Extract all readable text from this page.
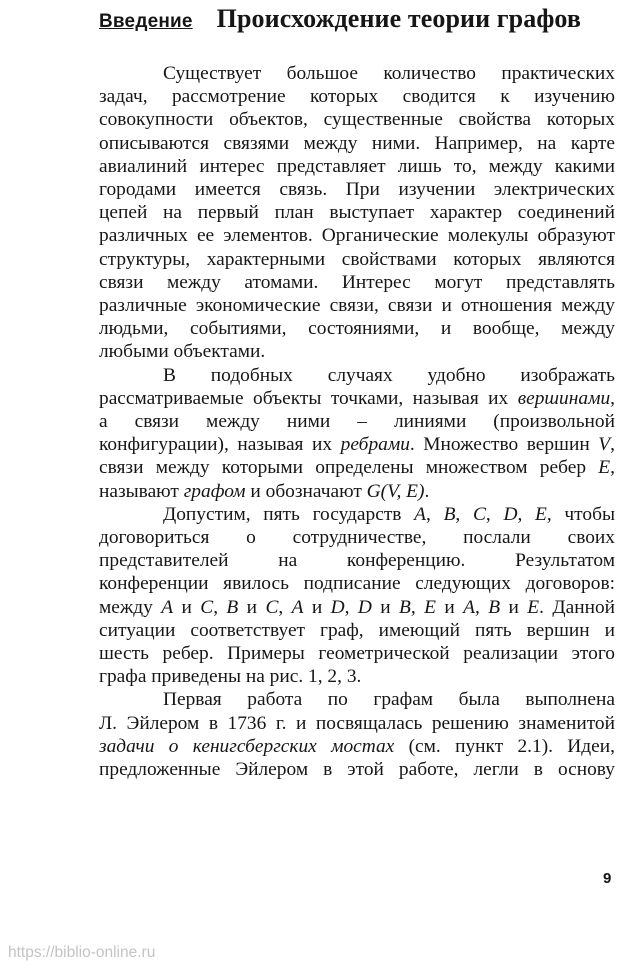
Введение Происхождение теории графов

Существует большое количество практических
задач, рассмотрение которых сводится к изучению
совокупности объектов, существенные свойства которых
описываются связями между ними. Например, на карте
авиалиний интерес представляет лишь то, между какими
городами имеется связь. При изучении электрических
цепей на первый план выступает характер соединений
различных ее элементов. Органические молекулы образуют
структуры, характерными свойствами которых являются
связи между атомами. Интерес могут представлять
различные экономические связи, связи и отношения между
людьми, событиями, состояниями, и вообще, между
любыми объектами.

В подобных случаях удобно изображать
рассматриваемые объекты точками, называя их вершинами,
а связи между ними – линиями (произвольной
конфигурации), называя их ребрами. Множество вершин V,
связи между которыми определены множеством ребер E,
называют графом и обозначают G(V, E).

Допустим, пять государств A, B, C, D, E, чтобы
договориться о сотрудничестве, послали своих
представителей на конференцию. Результатом
конференции явилось подписание следующих договоров:
между A и C, B и C, A и D, D и B, E и A, B и E. Данной
ситуации соответствует граф, имеющий пять вершин и
шесть ребер. Примеры геометрической реализации этого
графа приведены на рис. 1, 2, 3.

Первая работа по графам была выполнена
Л. Эйлером в 1736 г. и посвящалась решению знаменитой
задачи о кенигсбергских мостах (см. пункт 2.1). Идеи,
предложенные Эйлером в этой работе, легли в основу

9
https://biblio-online.ru
